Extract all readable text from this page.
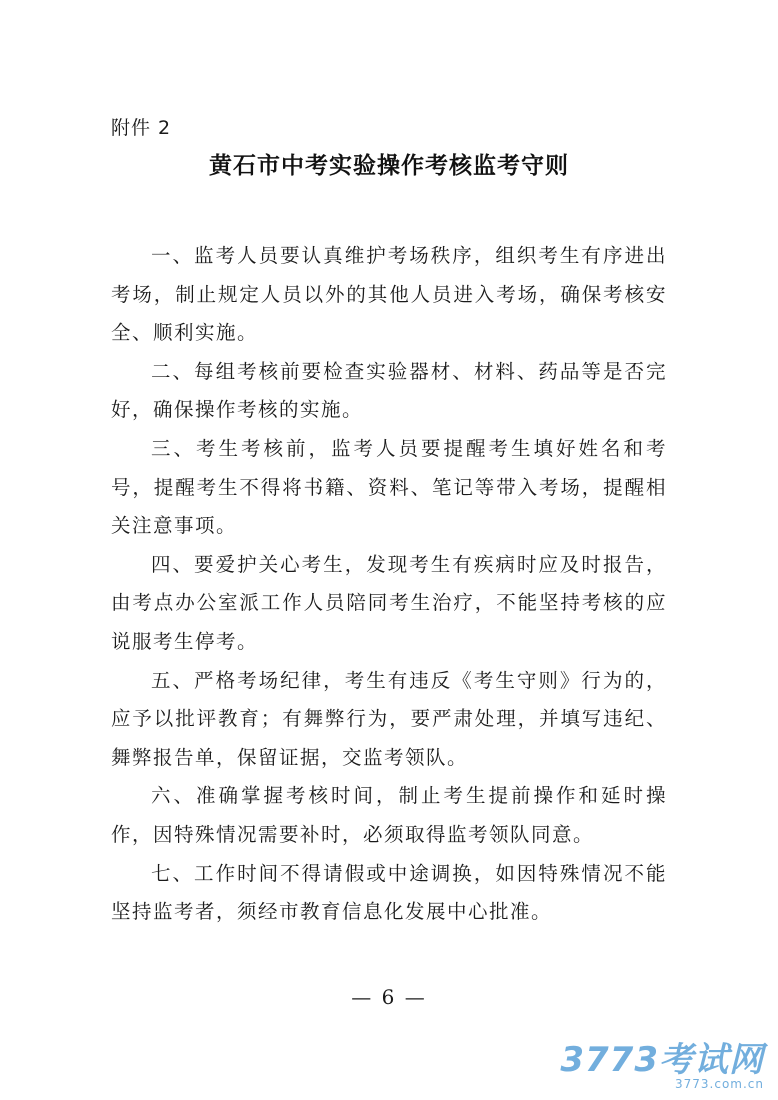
附件 2
黄石市中考实验操作考核监考守则

一、监考人员要认真维护考场秩序，组织考生有序进出考场，制止规定人员以外的其他人员进入考场，确保考核安全、顺利实施。

二、每组考核前要检查实验器材、材料、药品等是否完好，确保操作考核的实施。

三、考生考核前，监考人员要提醒考生填好姓名和考号，提醒考生不得将书籍、资料、笔记等带入考场，提醒相关注意事项。

四、要爱护关心考生，发现考生有疾病时应及时报告，由考点办公室派工作人员陪同考生治疗，不能坚持考核的应说服考生停考。

五、严格考场纪律，考生有违反《考生守则》行为的，应予以批评教育；有舞弊行为，要严肃处理，并填写违纪、舞弊报告单，保留证据，交监考领队。

六、准确掌握考核时间，制止考生提前操作和延时操作，因特殊情况需要补时，必须取得监考领队同意。

七、工作时间不得请假或中途调换，如因特殊情况不能坚持监考者，须经市教育信息化发展中心批准。

— 6 —
3773考试网
3773.com.cn
